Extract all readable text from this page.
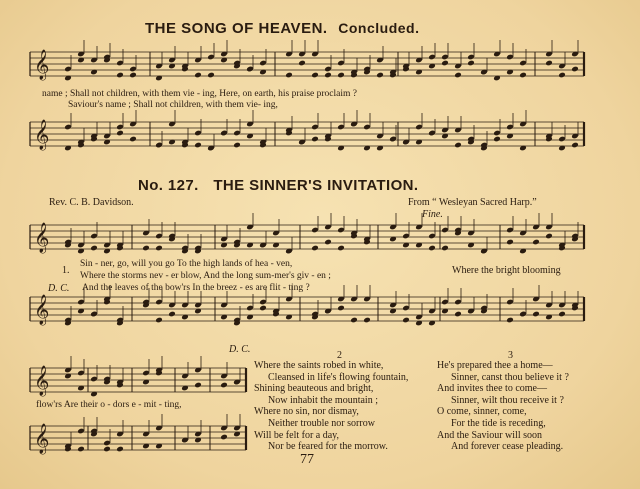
𝄞
𝄞
𝄞
𝄞
𝄞
𝄞
THE SONG OF HEAVEN. Concluded.
name ; Shall not children, with them vie - ing, Here, on earth, his praise proclaim ?
Saviour's name ; Shall not children, with them vie- ing,
No. 127. THE SINNER'S INVITATION.
Rev. C. B. Davidson.	From “ Wesleyan Sacred Harp.”
Fine.
1.
Sin - ner, go, will you go To the high lands of hea - ven,
Where the storms nev - er blow, And the long sum-mer's giv - en ;
D. C. And the leaves of the bow'rs In the breez - es are flit - ting ?
Where the bright blooming
D. C.
flow'rs Are their o - dors e - mit - ting,
2
Where the saints robed in white,
Cleansed in life's flowing fountain,
Shining beauteous and bright,
Now inhabit the mountain ;
Where no sin, nor dismay,
Neither trouble nor sorrow
Will be felt for a day,
Nor be feared for the morrow.
3
He's prepared thee a home—
Sinner, canst thou believe it ?
And invites thee to come—
Sinner, wilt thou receive it ?
O come, sinner, come,
For the tide is receding,
And the Saviour will soon
And forever cease pleading.
77
